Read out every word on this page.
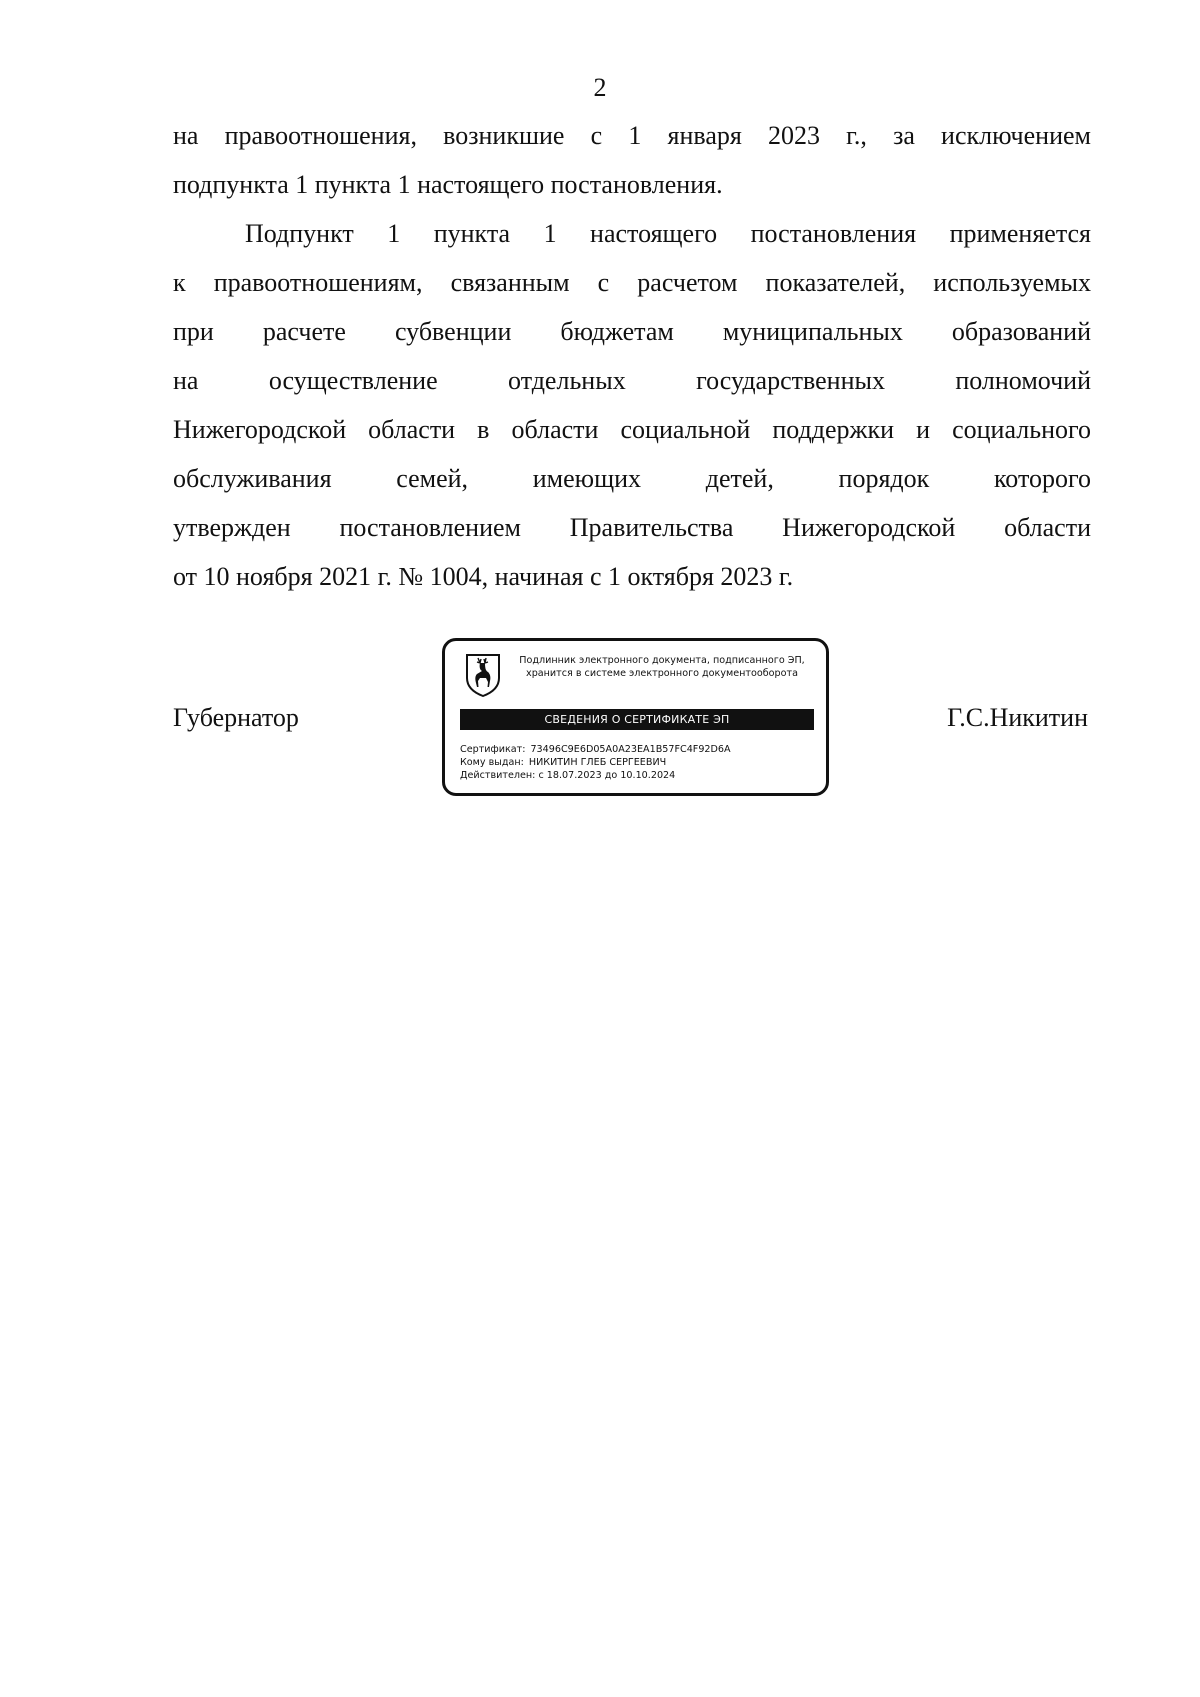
2
на правоотношения, возникшие с 1 января 2023 г., за исключением
подпункта 1 пункта 1 настоящего постановления.
Подпункт 1 пункта 1 настоящего постановления применяется
к правоотношениям, связанным с расчетом показателей, используемых
при расчете субвенции бюджетам муниципальных образований
на осуществление отдельных государственных полномочий
Нижегородской области в области социальной поддержки и социального
обслуживания семей, имеющих детей, порядок которого
утвержден постановлением Правительства Нижегородской области
от 10 ноября 2021 г. № 1004, начиная с 1 октября 2023 г.
Губернатор
Подлинник электронного документа, подписанного ЭП,
хранится в системе электронного документооборота
СВЕДЕНИЯ О СЕРТИФИКАТЕ ЭП
Сертификат: 73496C9E6D05A0A23EA1B57FC4F92D6A
Кому выдан: НИКИТИН ГЛЕБ СЕРГЕЕВИЧ
Действителен: с 18.07.2023 до 10.10.2024
Г.С.Никитин
